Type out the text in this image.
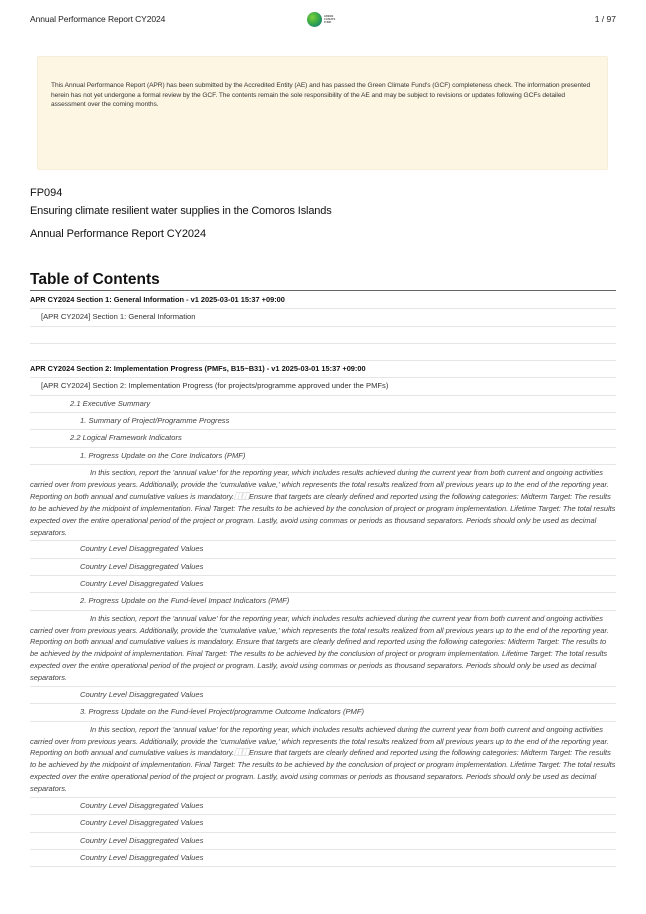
Annual Performance Report CY2024	GREEN CLIMATE FUND	1 / 97
This Annual Performance Report (APR) has been submitted by the Accredited Entity (AE) and has passed the Green Climate Fund's (GCF) completeness check. The information presented herein has not yet undergone a formal review by the GCF. The contents remain the sole responsibility of the AE and may be subject to revisions or updates following GCFs detailed assessment over the coming months.
FP094
Ensuring climate resilient water supplies in the Comoros Islands
Annual Performance Report CY2024
Table of Contents
APR CY2024 Section 1: General Information - v1 2025-03-01 15:37 +09:00
[APR CY2024] Section 1: General Information
APR CY2024 Section 2: Implementation Progress (PMFs, B15~B31) - v1 2025-03-01 15:37 +09:00
[APR CY2024] Section 2: Implementation Progress (for projects/programme approved under the PMFs)
2.1 Executive Summary
1. Summary of Project/Programme Progress
2.2 Logical Framework Indicators
1. Progress Update on the Core Indicators (PMF)
In this section, report the 'annual value' for the reporting year, which includes results achieved during the current year from both current and ongoing activities carried over from previous years. Additionally, provide the 'cumulative value,' which represents the total results realized from all previous years up to the end of the reporting year. Reporting on both annual and cumulative values is mandatory.⿰⿰Ensure that targets are clearly defined and reported using the following categories: Midterm Target: The results to be achieved by the midpoint of implementation. Final Target: The results to be achieved by the conclusion of project or program implementation. Lifetime Target: The total results expected over the entire operational period of the project or program. Lastly, avoid using commas or periods as thousand separators. Periods should only be used as decimal separators.
Country Level Disaggregated Values
Country Level Disaggregated Values
Country Level Disaggregated Values
2. Progress Update on the Fund-level Impact Indicators (PMF)
In this section, report the 'annual value' for the reporting year, which includes results achieved during the current year from both current and ongoing activities carried over from previous years. Additionally, provide the 'cumulative value,' which represents the total results realized from all previous years up to the end of the reporting year. Reporting on both annual and cumulative values is mandatory. Ensure that targets are clearly defined and reported using the following categories: Midterm Target: The results to be achieved by the midpoint of implementation. Final Target: The results to be achieved by the conclusion of project or program implementation. Lifetime Target: The total results expected over the entire operational period of the project or program. Lastly, avoid using commas or periods as thousand separators. Periods should only be used as decimal separators.
Country Level Disaggregated Values
3. Progress Update on the Fund-level Project/programme Outcome Indicators (PMF)
In this section, report the 'annual value' for the reporting year, which includes results achieved during the current year from both current and ongoing activities carried over from previous years. Additionally, provide the 'cumulative value,' which represents the total results realized from all previous years up to the end of the reporting year. Reporting on both annual and cumulative values is mandatory.⿰⿰Ensure that targets are clearly defined and reported using the following categories: Midterm Target: The results to be achieved by the midpoint of implementation. Final Target: The results to be achieved by the conclusion of project or program implementation. Lifetime Target: The total results expected over the entire operational period of the project or program. Lastly, avoid using commas or periods as thousand separators. Periods should only be used as decimal separators.
Country Level Disaggregated Values
Country Level Disaggregated Values
Country Level Disaggregated Values
Country Level Disaggregated Values
